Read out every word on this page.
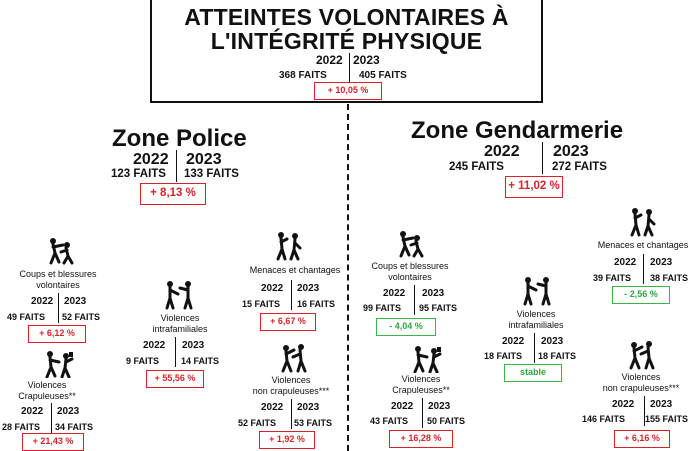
ATTEINTES VOLONTAIRES À
L'INTÉGRITÉ PHYSIQUE
2022 2023
368 FAITS	405 FAITS
+ 10,05 %
Zone Police
2022 2023
123 FAITS 133 FAITS
+ 8,13 %
Coups et blessures
volontaires
2022 2023
49 FAITS 52 FAITS
+ 6,12 %
Violences
intrafamiliales
2022 2023
9 FAITS 14 FAITS
+ 55,56 %
Menaces et chantages
2022 2023
15 FAITS 16 FAITS
+ 6,67 %
Violences
Crapuleuses**
2022 2023
28 FAITS 34 FAITS
+ 21,43 %
Violences
non crapuleuses***
2022 2023
52 FAITS 53 FAITS
+ 1,92 %
Zone Gendarmerie
2022 2023
245 FAITS	272 FAITS
+ 11,02 %
Coups et blessures
volontaires
2022 2023
99 FAITS 95 FAITS
- 4,04 %
Violences
intrafamiliales
2022 2023
18 FAITS 18 FAITS
stable
Menaces et chantages
2022 2023
39 FAITS 38 FAITS
- 2,56 %
Violences
Crapuleuses**
2022 2023
43 FAITS 50 FAITS
+ 16,28 %
Violences
non crapuleuses***
2022 2023
146 FAITS 155 FAITS
+ 6,16 %
